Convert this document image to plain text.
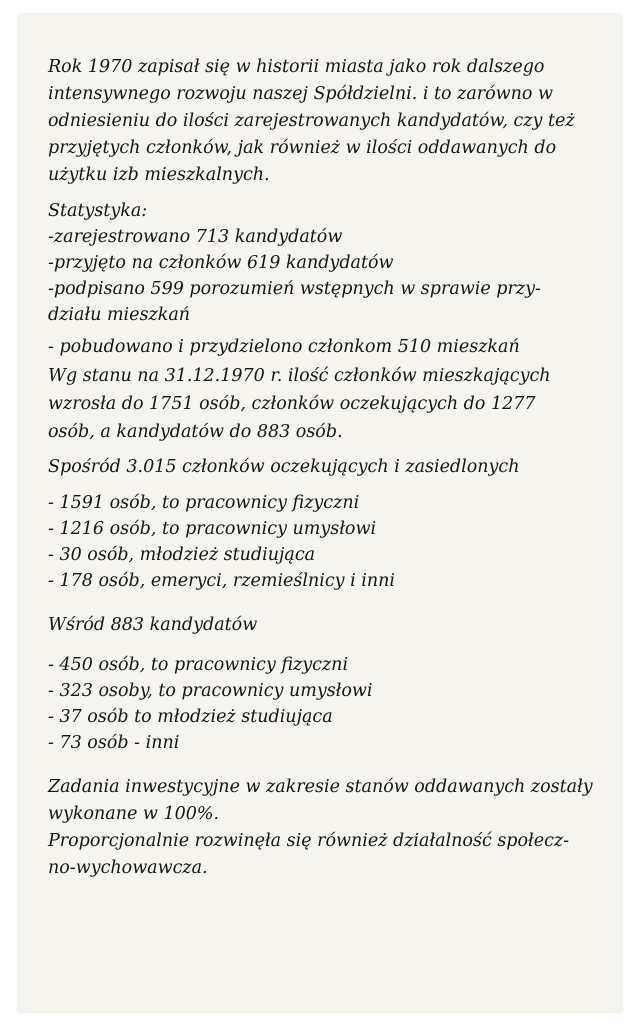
Rok 1970 zapisał się w historii miasta jako rok dalszego
intensywnego rozwoju naszej Spółdzielni. i to zarówno w
odniesieniu do ilości zarejestrowanych kandydatów, czy też
przyjętych członków, jak również w ilości oddawanych do
użytku izb mieszkalnych.
Statystyka:
-zarejestrowano 713 kandydatów
-przyjęto na członków 619 kandydatów
-podpisano 599 porozumień wstępnych w sprawie przy-
działu mieszkań
- pobudowano i przydzielono członkom 510 mieszkań
Wg stanu na 31.12.1970 r. ilość członków mieszkających
wzrosła do 1751 osób, członków oczekujących do 1277
osób, a kandydatów do 883 osób.
Spośród 3.015 członków oczekujących i zasiedlonych
- 1591 osób, to pracownicy fizyczni
- 1216 osób, to pracownicy umysłowi
- 30 osób, młodzież studiująca
- 178 osób, emeryci, rzemieślnicy i inni
Wśród 883 kandydatów
- 450 osób, to pracownicy fizyczni
- 323 osoby, to pracownicy umysłowi
- 37 osób to młodzież studiująca
- 73 osób - inni
Zadania inwestycyjne w zakresie stanów oddawanych zostały
wykonane w 100%.
Proporcjonalnie rozwinęła się również działalność społecz-
no-wychowawcza.
